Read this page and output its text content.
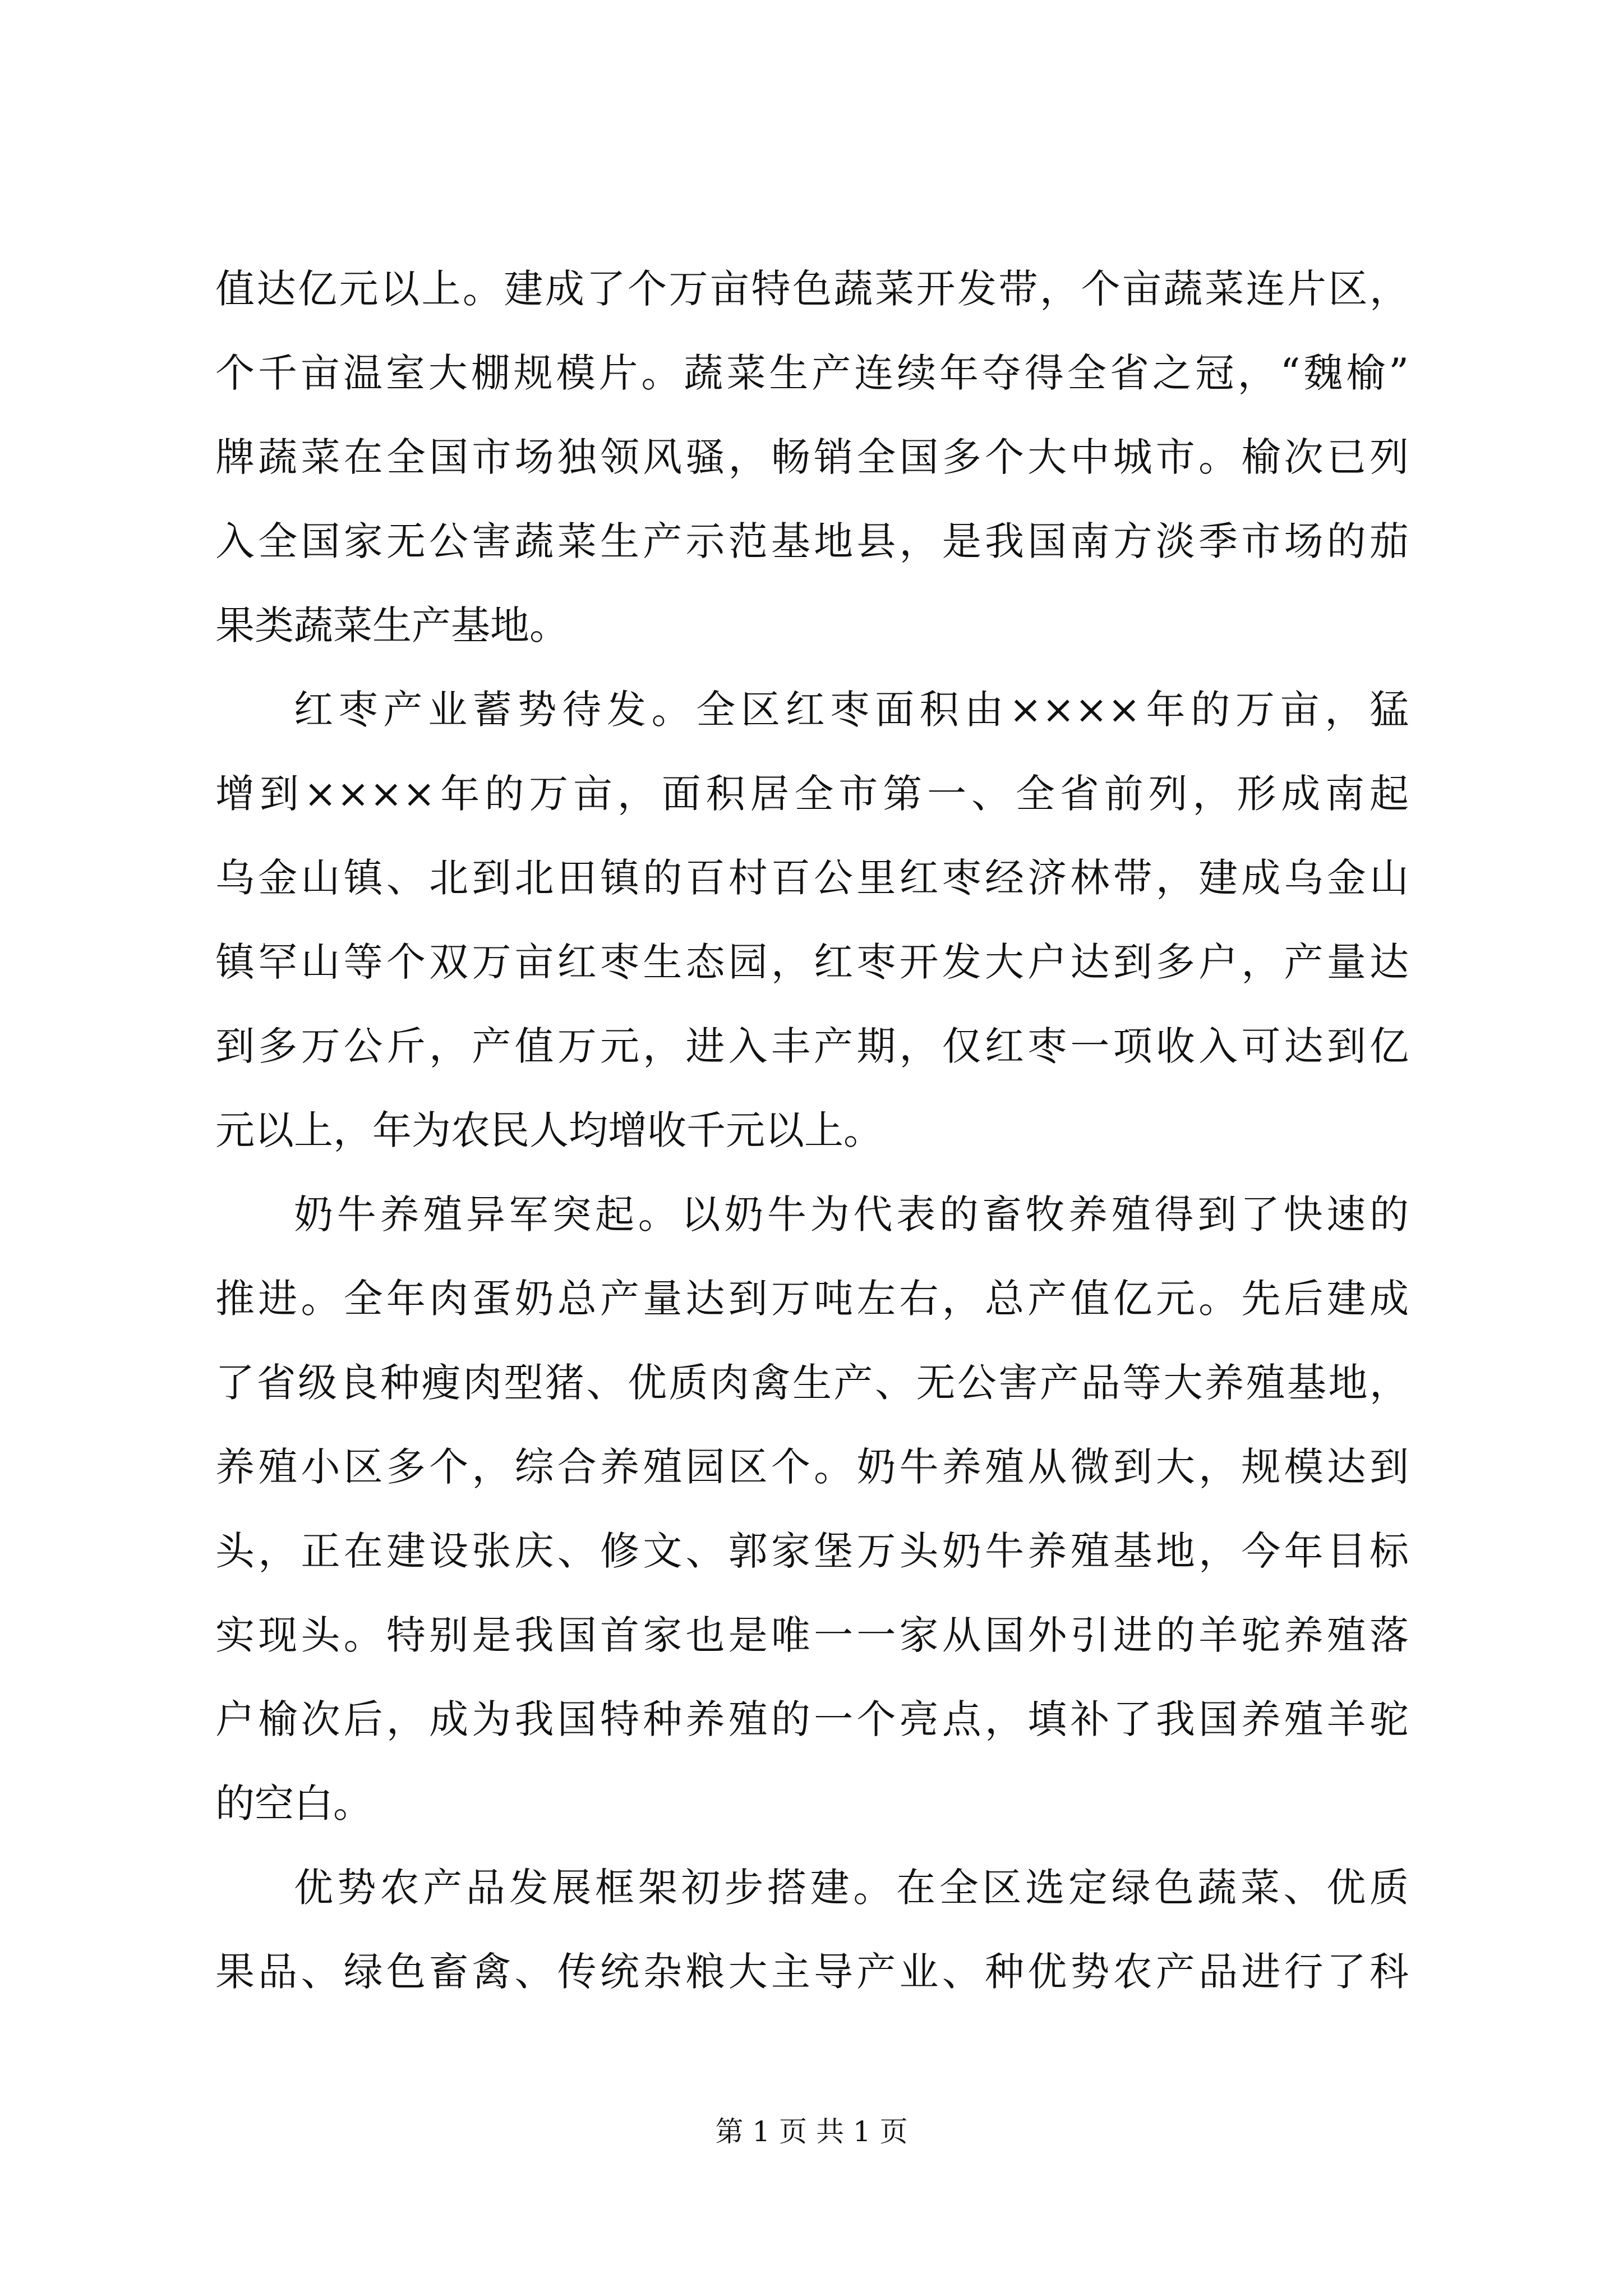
值达亿元以上。建成了个万亩特色蔬菜开发带，个亩蔬菜连片区，
个千亩温室大棚规模片。蔬菜生产连续年夺得全省之冠，“魏榆”
牌蔬菜在全国市场独领风骚，畅销全国多个大中城市。榆次已列
入全国家无公害蔬菜生产示范基地县，是我国南方淡季市场的茄
果类蔬菜生产基地。
红枣产业蓄势待发。全区红枣面积由××××年的万亩，猛
增到××××年的万亩，面积居全市第一、全省前列，形成南起
乌金山镇、北到北田镇的百村百公里红枣经济林带，建成乌金山
镇罕山等个双万亩红枣生态园，红枣开发大户达到多户，产量达
到多万公斤，产值万元，进入丰产期，仅红枣一项收入可达到亿
元以上，年为农民人均增收千元以上。
奶牛养殖异军突起。以奶牛为代表的畜牧养殖得到了快速的
推进。全年肉蛋奶总产量达到万吨左右，总产值亿元。先后建成
了省级良种瘦肉型猪、优质肉禽生产、无公害产品等大养殖基地，
养殖小区多个，综合养殖园区个。奶牛养殖从微到大，规模达到
头，正在建设张庆、修文、郭家堡万头奶牛养殖基地，今年目标
实现头。特别是我国首家也是唯一一家从国外引进的羊驼养殖落
户榆次后，成为我国特种养殖的一个亮点，填补了我国养殖羊驼
的空白。
优势农产品发展框架初步搭建。在全区选定绿色蔬菜、优质
果品、绿色畜禽、传统杂粮大主导产业、种优势农产品进行了科
第 1 页 共 1 页
